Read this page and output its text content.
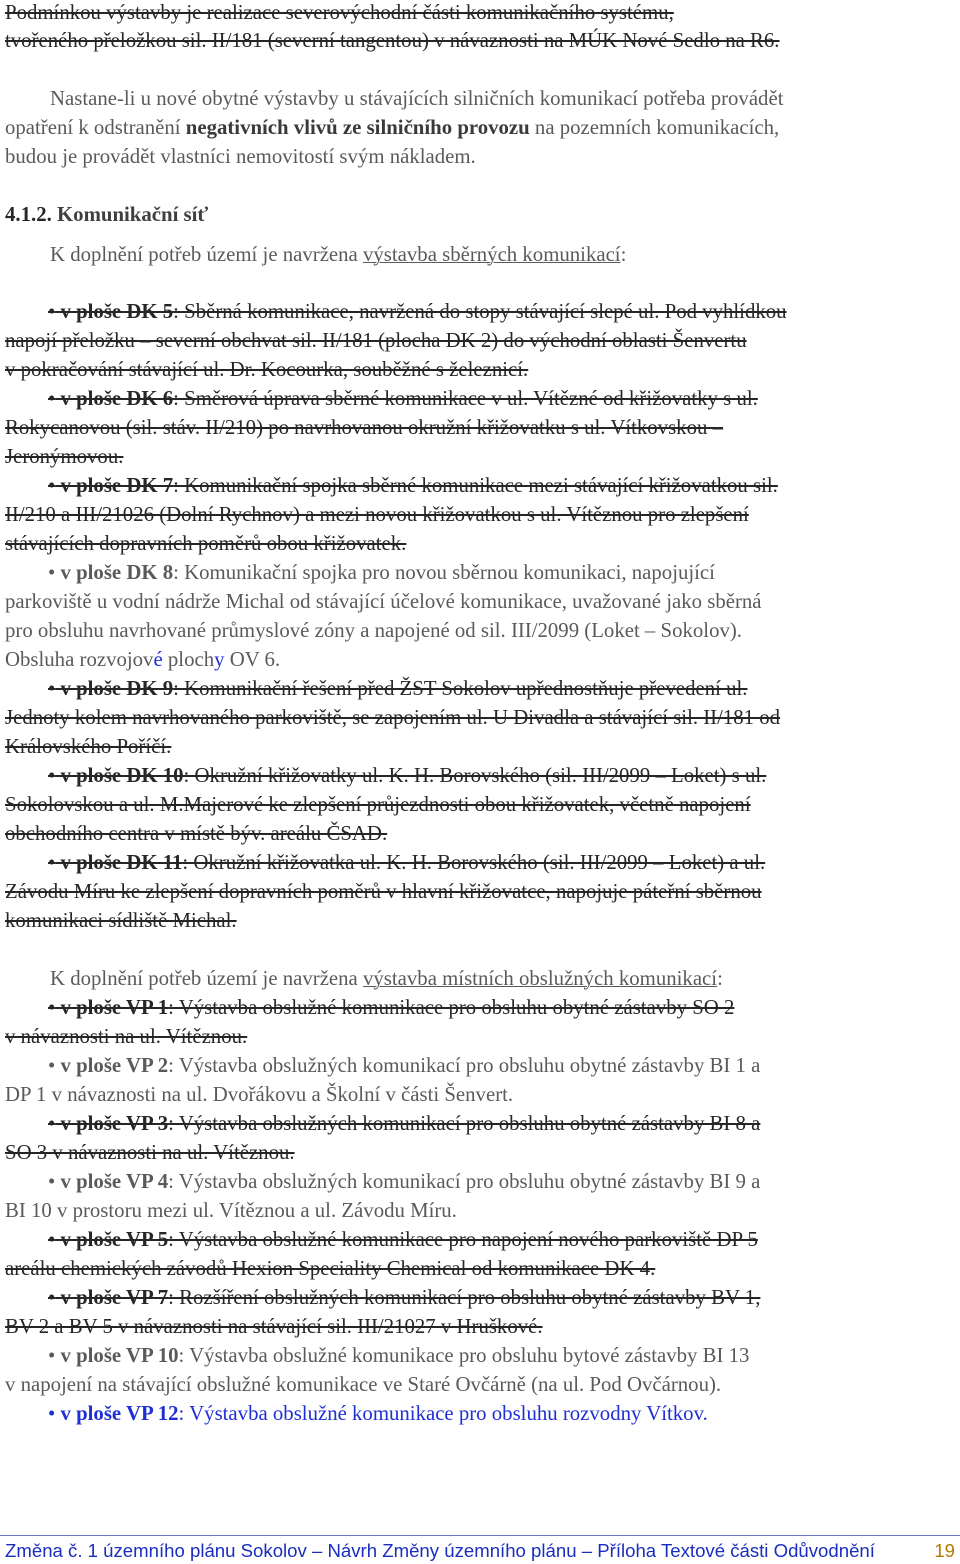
Podmínkou výstavby je realizace severovýchodní části komunikačního systému,
tvořeného přeložkou sil. II/181 (severní tangentou) v návaznosti na MÚK Nové Sedlo na R6.
Nastane-li u nové obytné výstavby u stávajících silničních komunikací potřeba provádět
opatření k odstranění negativních vlivů ze silničního provozu na pozemních komunikacích,
budou je provádět vlastníci nemovitostí svým nákladem.
4.1.2. Komunikační síť
K doplnění potřeb území je navržena výstavba sběrných komunikací:
• v ploše DK 5: Sběrná komunikace, navržená do stopy stávající slepé ul. Pod vyhlídkou
napojí přeložku – severní obchvat sil. II/181 (plocha DK 2) do východní oblasti Šenvertu
v pokračování stávající ul. Dr. Kocourka, souběžné s železnicí.
• v ploše DK 6: Směrová úprava sběrné komunikace v ul. Vítězné od křižovatky s ul.
Rokycanovou (sil. stáv. II/210) po navrhovanou okružní křižovatku s ul. Vítkovskou –
Jeronýmovou.
• v ploše DK 7: Komunikační spojka sběrné komunikace mezi stávající křižovatkou sil.
II/210 a III/21026 (Dolní Rychnov) a mezi novou křižovatkou s ul. Vítěznou pro zlepšení
stávajících dopravních poměrů obou křižovatek.
• v ploše DK 8: Komunikační spojka pro novou sběrnou komunikaci, napojující
parkoviště u vodní nádrže Michal od stávající účelové komunikace, uvažované jako sběrná
pro obsluhu navrhované průmyslové zóny a napojené od sil. III/2099 (Loket – Sokolov).
Obsluha rozvojové plochy OV 6.
• v ploše DK 9: Komunikační řešení před ŽST Sokolov upřednostňuje převedení ul.
Jednoty kolem navrhovaného parkoviště, se zapojením ul. U Divadla a stávající sil. II/181 od
Královského Poříčí.
• v ploše DK 10: Okružní křižovatky ul. K. H. Borovského (sil. III/2099 – Loket) s ul.
Sokolovskou a ul. M.Majerové ke zlepšení průjezdnosti obou křižovatek, včetně napojení
obchodního centra v místě býv. areálu ČSAD.
• v ploše DK 11: Okružní křižovatka ul. K. H. Borovského (sil. III/2099 – Loket) a ul.
Závodu Míru ke zlepšení dopravních poměrů v hlavní křižovatce, napojuje páteřní sběrnou
komunikaci sídliště Michal.
K doplnění potřeb území je navržena výstavba místních obslužných komunikací:
• v ploše VP 1: Výstavba obslužné komunikace pro obsluhu obytné zástavby SO 2
v návaznosti na ul. Vítěznou.
• v ploše VP 2: Výstavba obslužných komunikací pro obsluhu obytné zástavby BI 1 a
DP 1 v návaznosti na ul. Dvořákovu a Školní v části Šenvert.
• v ploše VP 3: Výstavba obslužných komunikací pro obsluhu obytné zástavby BI 8 a
SO 3 v návaznosti na ul. Vítěznou.
• v ploše VP 4: Výstavba obslužných komunikací pro obsluhu obytné zástavby BI 9 a
BI 10 v prostoru mezi ul. Vítěznou a ul. Závodu Míru.
• v ploše VP 5: Výstavba obslužné komunikace pro napojení nového parkoviště DP 5
areálu chemických závodů Hexion Speciality Chemical od komunikace DK 4.
• v ploše VP 7: Rozšíření obslužných komunikací pro obsluhu obytné zástavby BV 1,
BV 2 a BV 5 v návaznosti na stávající sil. III/21027 v Hruškové.
• v ploše VP 10: Výstavba obslužné komunikace pro obsluhu bytové zástavby BI 13
v napojení na stávající obslužné komunikace ve Staré Ovčárně (na ul. Pod Ovčárnou).
• v ploše VP 12: Výstavba obslužné komunikace pro obsluhu rozvodny Vítkov.
Změna č. 1 územního plánu Sokolov – Návrh Změny územního plánu – Příloha Textové části Odůvodnění	19
